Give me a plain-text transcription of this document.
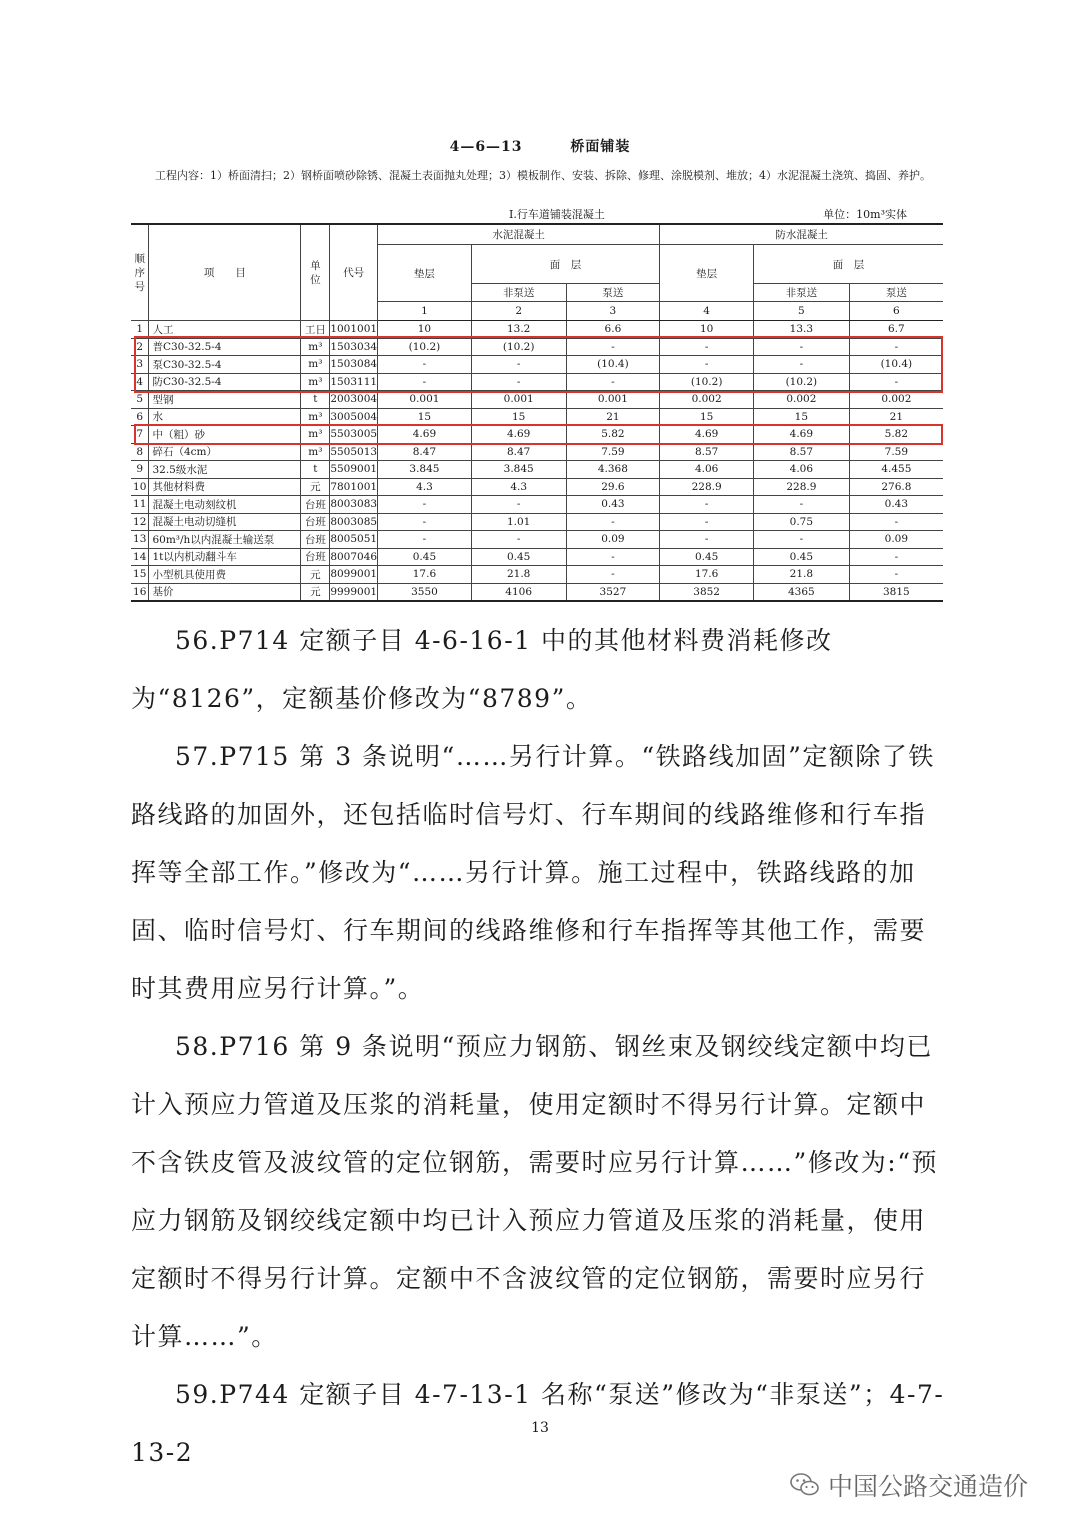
4—6—13	桥面铺装
工程内容：1）桥面清扫；2）钢桥面喷砂除锈、混凝土表面抛丸处理；3）模板制作、安装、拆除、修理、涂脱模剂、堆放；4）水泥混凝土浇筑、捣固、养护。
Ⅰ.行车道铺装混凝土	单位：10m³实体
顺序号	项　　目	单位	代号	水泥混凝土			防水混凝土		
				垫层	面　层		垫层	面　层	
					非泵送	泵送		非泵送	泵送
				1	2	3	4	5	6
1	人工	工日	1001001	10	13.2	6.6	10	13.3	6.7
2	普C30-32.5-4	m³	1503034	(10.2)	(10.2)	-	-	-	-
3	泵C30-32.5-4	m³	1503084	-	-	(10.4)	-	-	(10.4)
4	防C30-32.5-4	m³	1503111	-	-	-	(10.2)	(10.2)	-
5	型钢	t	2003004	0.001	0.001	0.001	0.002	0.002	0.002
6	水	m³	3005004	15	15	21	15	15	21
7	中（粗）砂	m³	5503005	4.69	4.69	5.82	4.69	4.69	5.82
8	碎石（4cm）	m³	5505013	8.47	8.47	7.59	8.57	8.57	7.59
9	32.5级水泥	t	5509001	3.845	3.845	4.368	4.06	4.06	4.455
10	其他材料费	元	7801001	4.3	4.3	29.6	228.9	228.9	276.8
11	混凝土电动刻纹机	台班	8003083	-	-	0.43	-	-	0.43
12	混凝土电动切缝机	台班	8003085	-	1.01	-	-	0.75	-
13	60m³/h以内混凝土输送泵	台班	8005051	-	-	0.09	-	-	0.09
14	1t以内机动翻斗车	台班	8007046	0.45	0.45	-	0.45	0.45	-
15	小型机具使用费	元	8099001	17.6	21.8	-	17.6	21.8	-
16	基价	元	9999001	3550	4106	3527	3852	4365	3815

56.P714 定额子目 4-6-16-1 中的其他材料费消耗修改为“8126”，定额基价修改为“8789”。

57.P715 第 3 条说明“……另行计算。“铁路线加固”定额除了铁路线路的加固外，还包括临时信号灯、行车期间的线路维修和行车指挥等全部工作。”修改为“……另行计算。施工过程中，铁路线路的加固、临时信号灯、行车期间的线路维修和行车指挥等其他工作，需要时其费用应另行计算。”。

58.P716 第 9 条说明“预应力钢筋、钢丝束及钢绞线定额中均已计入预应力管道及压浆的消耗量，使用定额时不得另行计算。定额中不含铁皮管及波纹管的定位钢筋，需要时应另行计算……”修改为:“预应力钢筋及钢绞线定额中均已计入预应力管道及压浆的消耗量，使用定额时不得另行计算。定额中不含波纹管的定位钢筋，需要时应另行计算……”。

59.P744 定额子目 4-7-13-1 名称“泵送”修改为“非泵送”；4-7-13-2

13
中国公路交通造价
